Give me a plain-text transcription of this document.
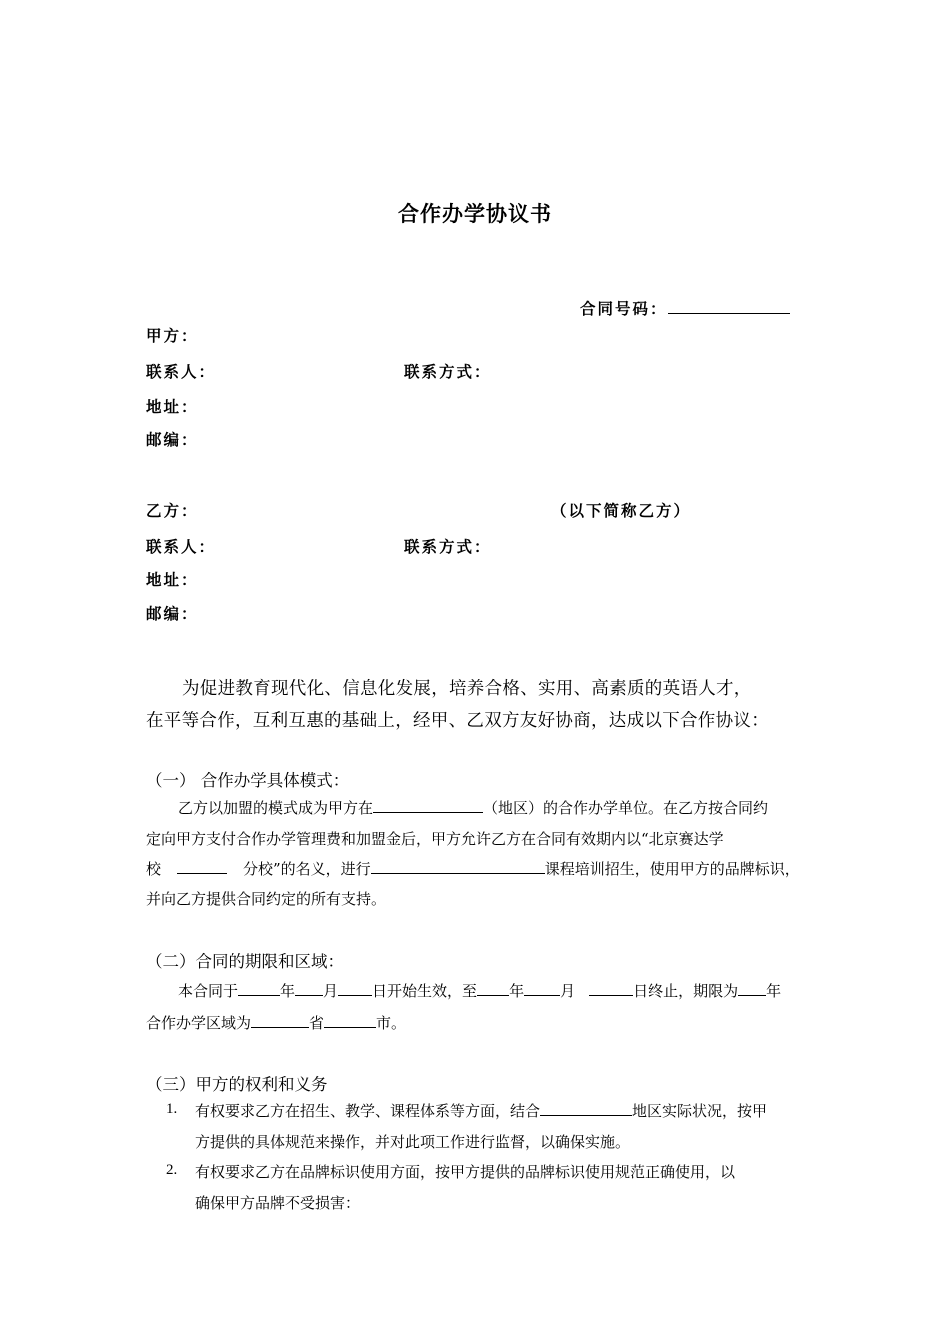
合作办学协议书
合同号码：
甲方：
联系人：	联系方式：
地址：
邮编：
乙方：	（以下简称乙方）
联系人：	联系方式：
地址：
邮编：
为促进教育现代化、信息化发展，培养合格、实用、高素质的英语人才，
在平等合作，互利互惠的基础上，经甲、乙双方友好协商，达成以下合作协议：
（一） 合作办学具体模式：
乙方以加盟的模式成为甲方在	（地区）的合作办学单位。在乙方按合同约
定向甲方支付合作办学管理费和加盟金后，甲方允许乙方在合同有效期内以“北京赛达学
校	分校”的名义，进行	课程培训招生，使用甲方的品牌标识，
并向乙方提供合同约定的所有支持。
（二）合同的期限和区域：
本合同于	年 月 日开始生效，至 年 月	日终止，期限为 年
合作办学区域为	省	市。
（三）甲方的权利和义务
1. 有权要求乙方在招生、教学、课程体系等方面，结合	地区实际状况，按甲
方提供的具体规范来操作，并对此项工作进行监督，以确保实施。
2. 有权要求乙方在品牌标识使用方面，按甲方提供的品牌标识使用规范正确使用，以
确保甲方品牌不受损害：
